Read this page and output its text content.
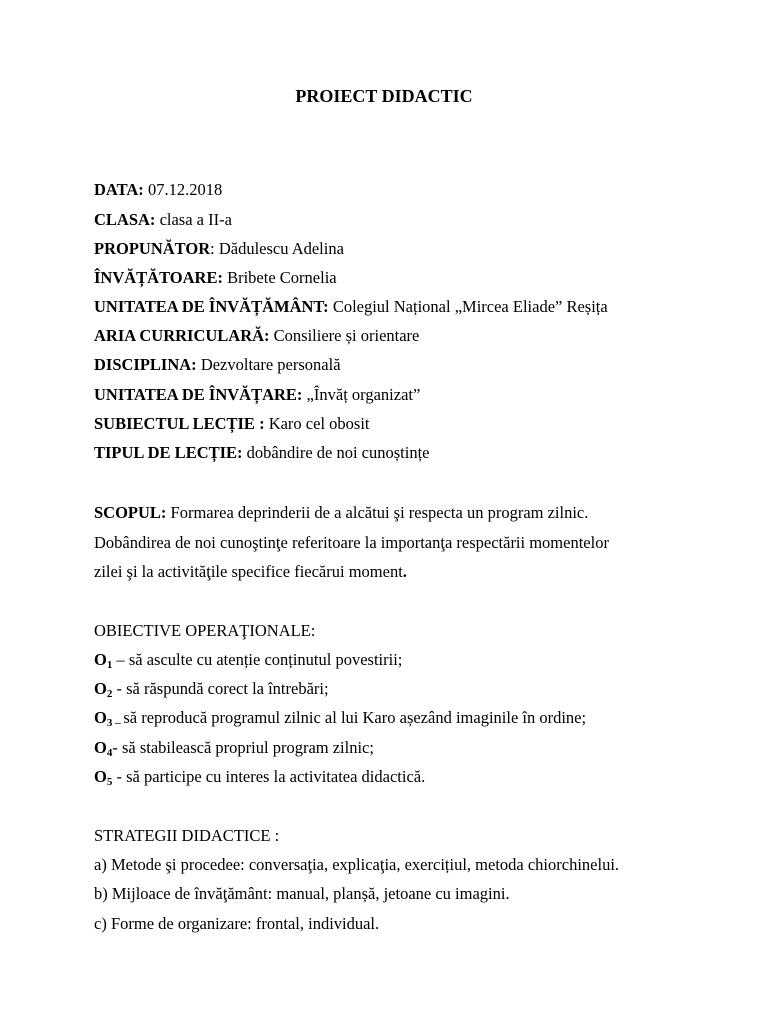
PROIECT DIDACTIC
DATA: 07.12.2018
CLASA: clasa a II-a
PROPUNĂTOR: Dădulescu Adelina
ÎNVĂȚĂTOARE: Bribete Cornelia
UNITATEA DE ÎNVĂȚĂMÂNT: Colegiul Național „Mircea Eliade” Reșița
ARIA CURRICULARĂ: Consiliere și orientare
DISCIPLINA: Dezvoltare personală
UNITATEA DE ÎNVĂȚARE: „Învăț organizat”
SUBIECTUL LECȚIE : Karo cel obosit
TIPUL DE LECȚIE: dobândire de noi cunoștințe
SCOPUL: Formarea deprinderii de a alcătui şi respecta un program zilnic.
Dobândirea de noi cunoştinţe referitoare la importanţa respectării momentelor
zilei şi la activităţile specifice fiecărui moment.
OBIECTIVE OPERAŢIONALE:
$O_1$ – să asculte cu atenție conținutul povestirii;
$O_2$ - să răspundă corect la întrebări;
$O_{3 -}$ să reproducă programul zilnic al lui Karo așezând imaginile în ordine;
$O_4-$ să stabilească propriul program zilnic;
$O_5$ - să participe cu interes la activitatea didactică.
STRATEGII DIDACTICE :
a) Metode şi procedee: conversaţia, explicaţia, exercițiul, metoda chiorchinelui.
b) Mijloace de învăţământ: manual, planșă, jetoane cu imagini.
c) Forme de organizare: frontal, individual.
